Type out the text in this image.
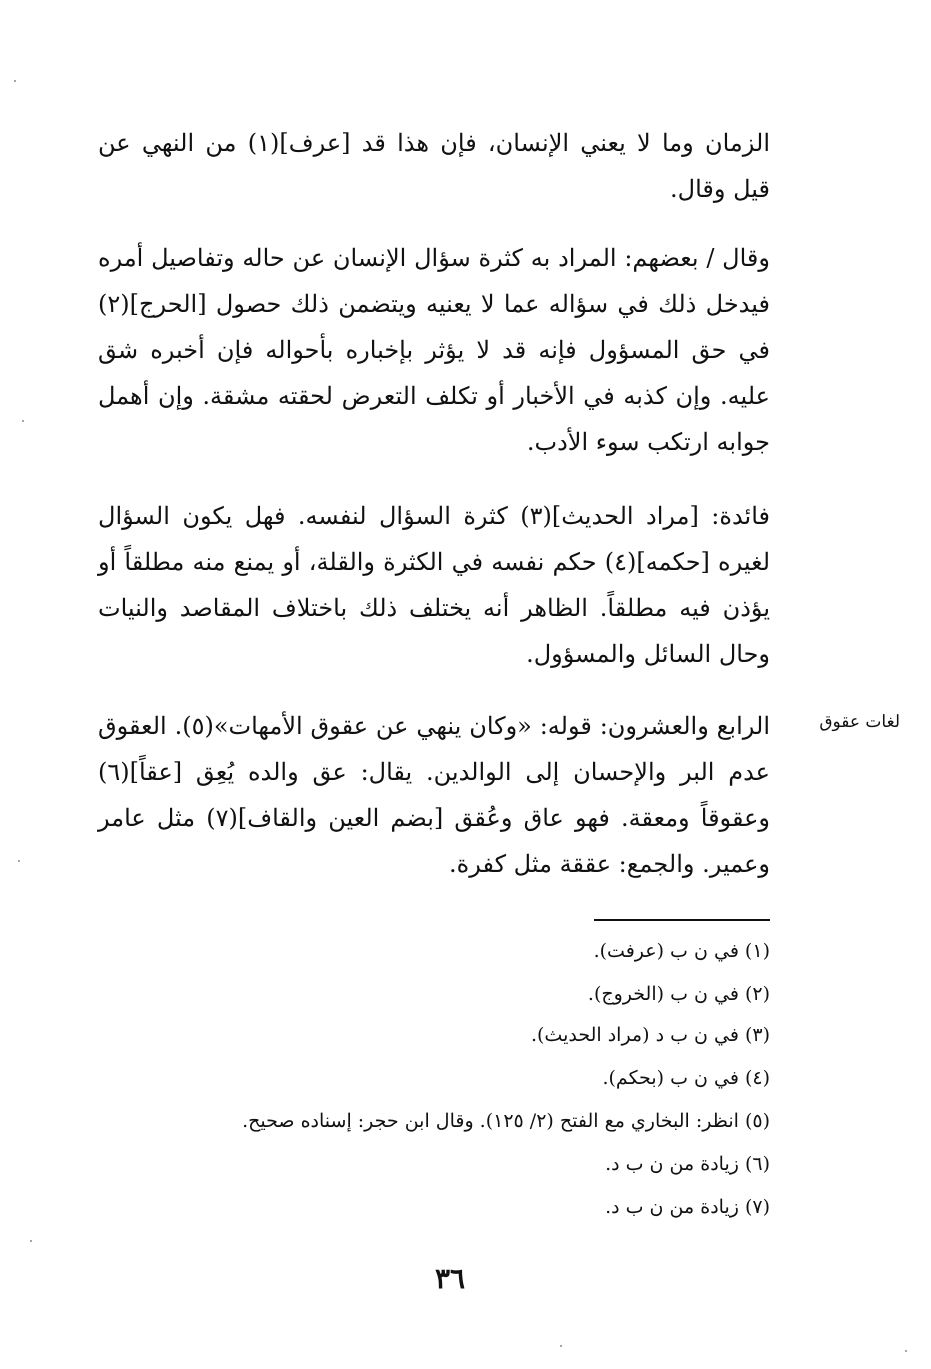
الزمان وما لا يعني الإنسان، فإن هذا قد [عرف](١) من النهي عن قيل وقال.

وقال / بعضهم: المراد به كثرة سؤال الإنسان عن حاله وتفاصيل أمره فيدخل ذلك في سؤاله عما لا يعنيه ويتضمن ذلك حصول [الحرج](٢) في حق المسؤول فإنه قد لا يؤثر بإخباره بأحواله فإن أخبره شق عليه. وإن كذبه في الأخبار أو تكلف التعرض لحقته مشقة. وإن أهمل جوابه ارتكب سوء الأدب.

فائدة: [مراد الحديث](٣) كثرة السؤال لنفسه. فهل يكون السؤال لغيره [حكمه](٤) حكم نفسه في الكثرة والقلة، أو يمنع منه مطلقاً أو يؤذن فيه مطلقاً. الظاهر أنه يختلف ذلك باختلاف المقاصد والنيات وحال السائل والمسؤول.

الرابع والعشرون: قوله: «وكان ينهي عن عقوق الأمهات»(٥). العقوق عدم البر والإحسان إلى الوالدين. يقال: عق والده يُعِق [عقاً](٦) وعقوقاً ومعقة. فهو عاق وعُقق [بضم العين والقاف](٧) مثل عامر وعمير. والجمع: عققة مثل كفرة.

لغات عقوق
(١) في ن ب (عرفت).
(٢) في ن ب (الخروج).
(٣) في ن ب د (مراد الحديث).
(٤) في ن ب (بحكم).
(٥) انظر: البخاري مع الفتح (٢/ ١٢٥). وقال ابن حجر: إسناده صحيح.
(٦) زيادة من ن ب د.
(٧) زيادة من ن ب د.
٣٦
